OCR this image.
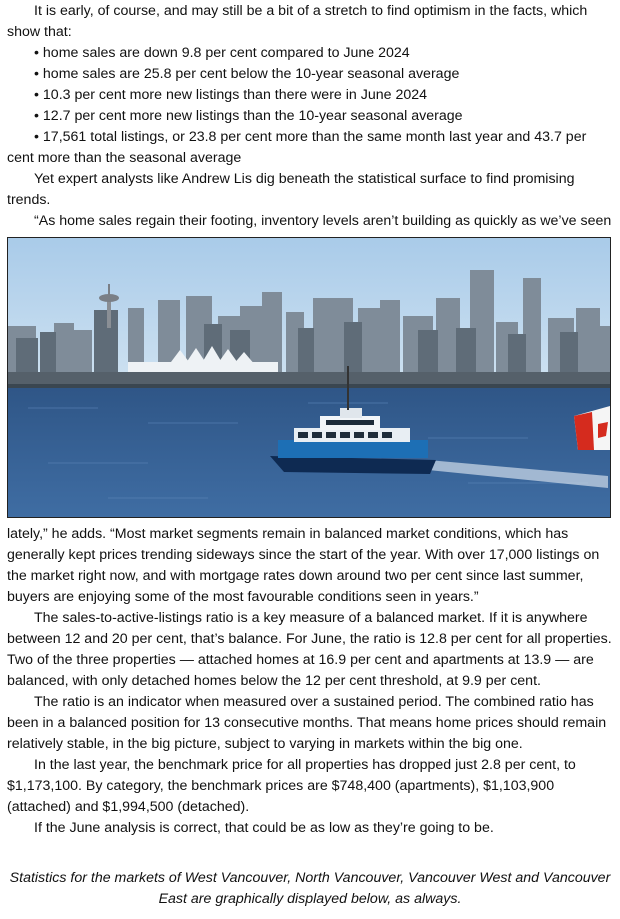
It is early, of course, and may still be a bit of a stretch to find optimism in the facts, which show that:

• home sales are down 9.8 per cent compared to June 2024

• home sales are 25.8 per cent below the 10-year seasonal average

• 10.3 per cent more new listings than there were in June 2024

• 12.7 per cent more new listings than the 10-year seasonal average

• 17,561 total listings, or 23.8 per cent more than the same month last year and 43.7 per cent more than the seasonal average

Yet expert analysts like Andrew Lis dig beneath the statistical surface to find promising trends.

“As home sales regain their footing, inventory levels aren’t building as quickly as we’ve seen

lately,” he adds. “Most market segments remain in balanced market conditions, which has generally kept prices trending sideways since the start of the year. With over 17,000 listings on the market right now, and with mortgage rates down around two per cent since last summer, buyers are enjoying some of the most favourable conditions seen in years.”

The sales-to-active-listings ratio is a key measure of a balanced market. If it is anywhere between 12 and 20 per cent, that’s balance. For June, the ratio is 12.8 per cent for all properties. Two of the three properties — attached homes at 16.9 per cent and apartments at 13.9 — are balanced, with only detached homes below the 12 per cent threshold, at 9.9 per cent.

The ratio is an indicator when measured over a sustained period. The combined ratio has been in a balanced position for 13 consecutive months. That means home prices should remain relatively stable, in the big picture, subject to varying in markets within the big one.

In the last year, the benchmark price for all properties has dropped just 2.8 per cent, to $1,173,100. By category, the benchmark prices are $748,400 (apartments), $1,103,900 (attached) and $1,994,500 (detached).

If the June analysis is correct, that could be as low as they’re going to be.

Statistics for the markets of West Vancouver, North Vancouver, Vancouver West and Vancouver East are graphically displayed below, as always.
